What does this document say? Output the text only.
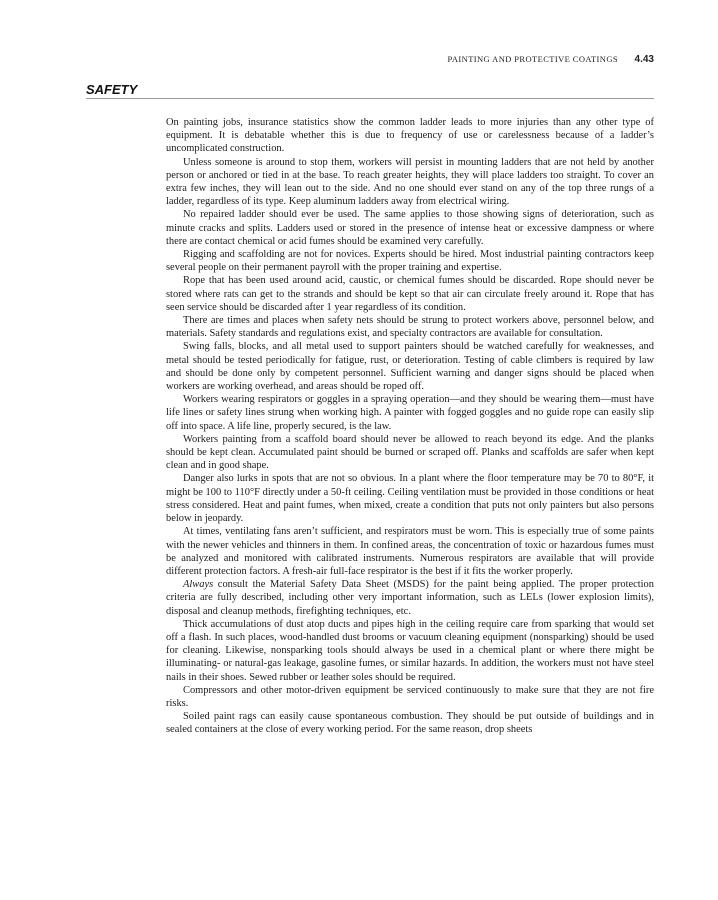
PAINTING AND PROTECTIVE COATINGS 4.43
SAFETY

On painting jobs, insurance statistics show the common ladder leads to more injuries than any other type of equipment. It is debatable whether this is due to frequency of use or carelessness because of a ladder’s uncomplicated construction.

Unless someone is around to stop them, workers will persist in mounting ladders that are not held by another person or anchored or tied in at the base. To reach greater heights, they will place ladders too straight. To cover an extra few inches, they will lean out to the side. And no one should ever stand on any of the top three rungs of a ladder, regardless of its type. Keep aluminum ladders away from electrical wiring.

No repaired ladder should ever be used. The same applies to those showing signs of deterioration, such as minute cracks and splits. Ladders used or stored in the presence of intense heat or excessive dampness or where there are contact chemical or acid fumes should be examined very carefully.

Rigging and scaffolding are not for novices. Experts should be hired. Most industrial painting contractors keep several people on their permanent payroll with the proper training and expertise.

Rope that has been used around acid, caustic, or chemical fumes should be discarded. Rope should never be stored where rats can get to the strands and should be kept so that air can circulate freely around it. Rope that has seen service should be discarded after 1 year regardless of its condition.

There are times and places when safety nets should be strung to protect workers above, personnel below, and materials. Safety standards and regulations exist, and specialty contractors are available for consultation.

Swing falls, blocks, and all metal used to support painters should be watched carefully for weaknesses, and metal should be tested periodically for fatigue, rust, or deterioration. Testing of cable climbers is required by law and should be done only by competent personnel. Sufficient warning and danger signs should be placed when workers are working overhead, and areas should be roped off.

Workers wearing respirators or goggles in a spraying operation—and they should be wearing them—must have life lines or safety lines strung when working high. A painter with fogged goggles and no guide rope can easily slip off into space. A life line, properly secured, is the law.

Workers painting from a scaffold board should never be allowed to reach beyond its edge. And the planks should be kept clean. Accumulated paint should be burned or scraped off. Planks and scaffolds are safer when kept clean and in good shape.

Danger also lurks in spots that are not so obvious. In a plant where the floor temperature may be 70 to 80°F, it might be 100 to 110°F directly under a 50-ft ceiling. Ceiling ventilation must be provided in those conditions or heat stress considered. Heat and paint fumes, when mixed, create a condition that puts not only painters but also persons below in jeopardy.

At times, ventilating fans aren’t sufficient, and respirators must be worn. This is especially true of some paints with the newer vehicles and thinners in them. In confined areas, the concentration of toxic or hazardous fumes must be analyzed and monitored with calibrated instruments. Numerous respirators are available that will provide different protection factors. A fresh-air full-face respirator is the best if it fits the worker properly.

Always consult the Material Safety Data Sheet (MSDS) for the paint being applied. The proper protection criteria are fully described, including other very important information, such as LELs (lower explosion limits), disposal and cleanup methods, firefighting techniques, etc.

Thick accumulations of dust atop ducts and pipes high in the ceiling require care from sparking that would set off a flash. In such places, wood-handled dust brooms or vacuum cleaning equipment (nonsparking) should be used for cleaning. Likewise, nonsparking tools should always be used in a chemical plant or where there might be illuminating- or natural-gas leakage, gasoline fumes, or similar hazards. In addition, the workers must not have steel nails in their shoes. Sewed rubber or leather soles should be required.

Compressors and other motor-driven equipment be serviced continuously to make sure that they are not fire risks.

Soiled paint rags can easily cause spontaneous combustion. They should be put outside of buildings and in sealed containers at the close of every working period. For the same reason, drop sheets
